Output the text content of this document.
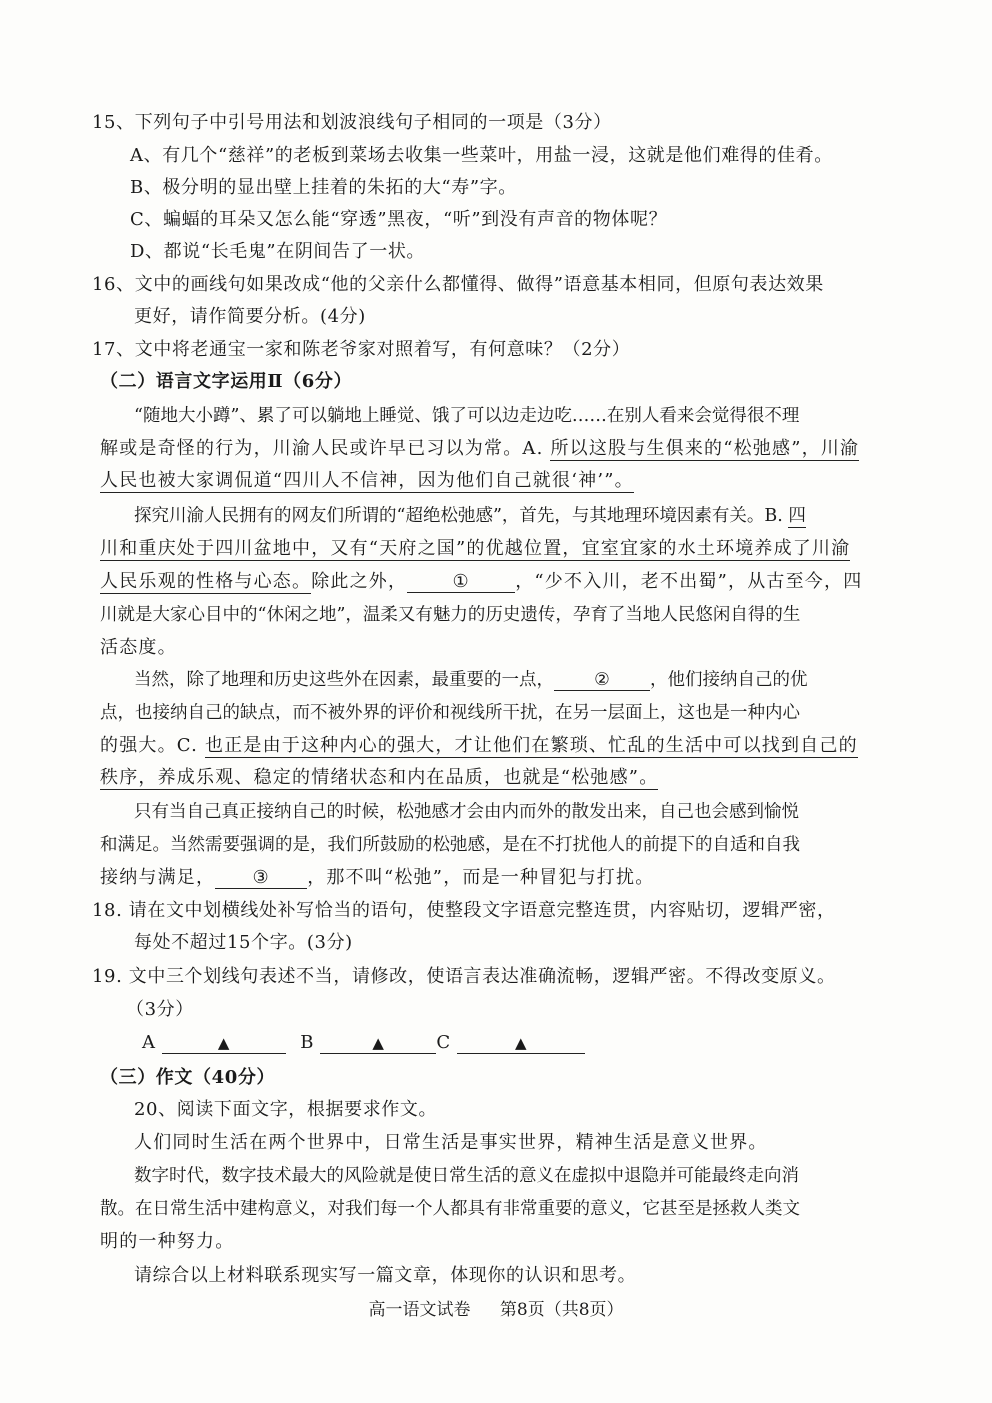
15、下列句子中引号用法和划波浪线句子相同的一项是（3分）
A、有几个“慈祥”的老板到菜场去收集一些菜叶，用盐一浸，这就是他们难得的佳肴。
B、极分明的显出壁上挂着的朱拓的大“寿”字。
C、蝙蝠的耳朵又怎么能“穿透”黑夜，“听”到没有声音的物体呢？
D、都说“长毛鬼”在阴间告了一状。
16、文中的画线句如果改成“他的父亲什么都懂得、做得”语意基本相同，但原句表达效果
更好，请作简要分析。(4分)
17、文中将老通宝一家和陈老爷家对照着写，有何意味？（2分）
（二）语言文字运用Ⅱ（6分）
“随地大小蹲”、累了可以躺地上睡觉、饿了可以边走边吃……在别人看来会觉得很不理
解或是奇怪的行为，川渝人民或许早已习以为常。A. 所以这股与生俱来的“松弛感”，川渝
人民也被大家调侃道“四川人不信神，因为他们自己就很‘神’”。
探究川渝人民拥有的网友们所谓的“超绝松弛感”，首先，与其地理环境因素有关。B. 四
川和重庆处于四川盆地中，又有“天府之国”的优越位置，宜室宜家的水土环境养成了川渝
人民乐观的性格与心态。除此之外，	①	，“少不入川，老不出蜀”，从古至今，四
川就是大家心目中的“休闲之地”，温柔又有魅力的历史遗传，孕育了当地人民悠闲自得的生
活态度。
当然，除了地理和历史这些外在因素，最重要的一点， ② ，他们接纳自己的优
点，也接纳自己的缺点，而不被外界的评价和视线所干扰，在另一层面上，这也是一种内心
的强大。C. 也正是由于这种内心的强大，才让他们在繁琐、忙乱的生活中可以找到自己的
秩序，养成乐观、稳定的情绪状态和内在品质，也就是“松弛感”。
只有当自己真正接纳自己的时候，松弛感才会由内而外的散发出来，自己也会感到愉悦
和满足。当然需要强调的是，我们所鼓励的松弛感，是在不打扰他人的前提下的自适和自我
接纳与满足， ③ ，那不叫“松弛”，而是一种冒犯与打扰。
18. 请在文中划横线处补写恰当的语句，使整段文字语意完整连贯，内容贴切，逻辑严密，
每处不超过15个字。(3分)
19. 文中三个划线句表述不当，请修改，使语言表达准确流畅，逻辑严密。不得改变原义。
（3分）
A	▲	B	▲	C	▲
（三）作文（40分）
20、阅读下面文字，根据要求作文。
人们同时生活在两个世界中，日常生活是事实世界，精神生活是意义世界。
数字时代，数字技术最大的风险就是使日常生活的意义在虚拟中退隐并可能最终走向消
散。在日常生活中建构意义，对我们每一个人都具有非常重要的意义，它甚至是拯救人类文
明的一种努力。
请综合以上材料联系现实写一篇文章，体现你的认识和思考。
高一语文试卷 第8页（共8页）
